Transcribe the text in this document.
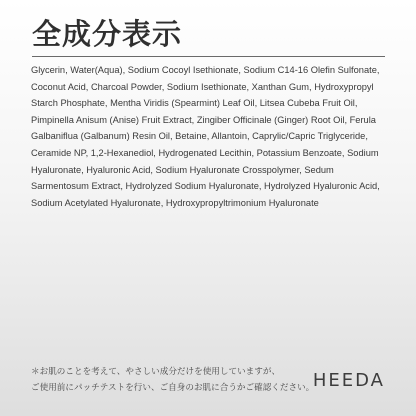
全成分表示

Glycerin, Water(Aqua), Sodium Cocoyl Isethionate, Sodium C14-16 Olefin Sulfonate, Coconut Acid, Charcoal Powder, Sodium Isethionate, Xanthan Gum, Hydroxypropyl Starch Phosphate, Mentha Viridis (Spearmint) Leaf Oil, Litsea Cubeba Fruit Oil, Pimpinella Anisum (Anise) Fruit Extract, Zingiber Officinale (Ginger) Root Oil, Ferula Galbaniflua (Galbanum) Resin Oil, Betaine, Allantoin, Caprylic/Capric Triglyceride, Ceramide NP, 1,2-Hexanediol, Hydrogenated Lecithin, Potassium Benzoate, Sodium Hyaluronate, Hyaluronic Acid, Sodium Hyaluronate Crosspolymer, Sedum Sarmentosum Extract, Hydrolyzed Sodium Hyaluronate, Hydrolyzed Hyaluronic Acid, Sodium Acetylated Hyaluronate, Hydroxypropyltrimonium Hyaluronate

＊お肌のことを考えて、やさしい成分だけを使用していますが、
ご使用前にパッチテストを行い、ご自身のお肌に合うかご確認ください。
HEEDA
